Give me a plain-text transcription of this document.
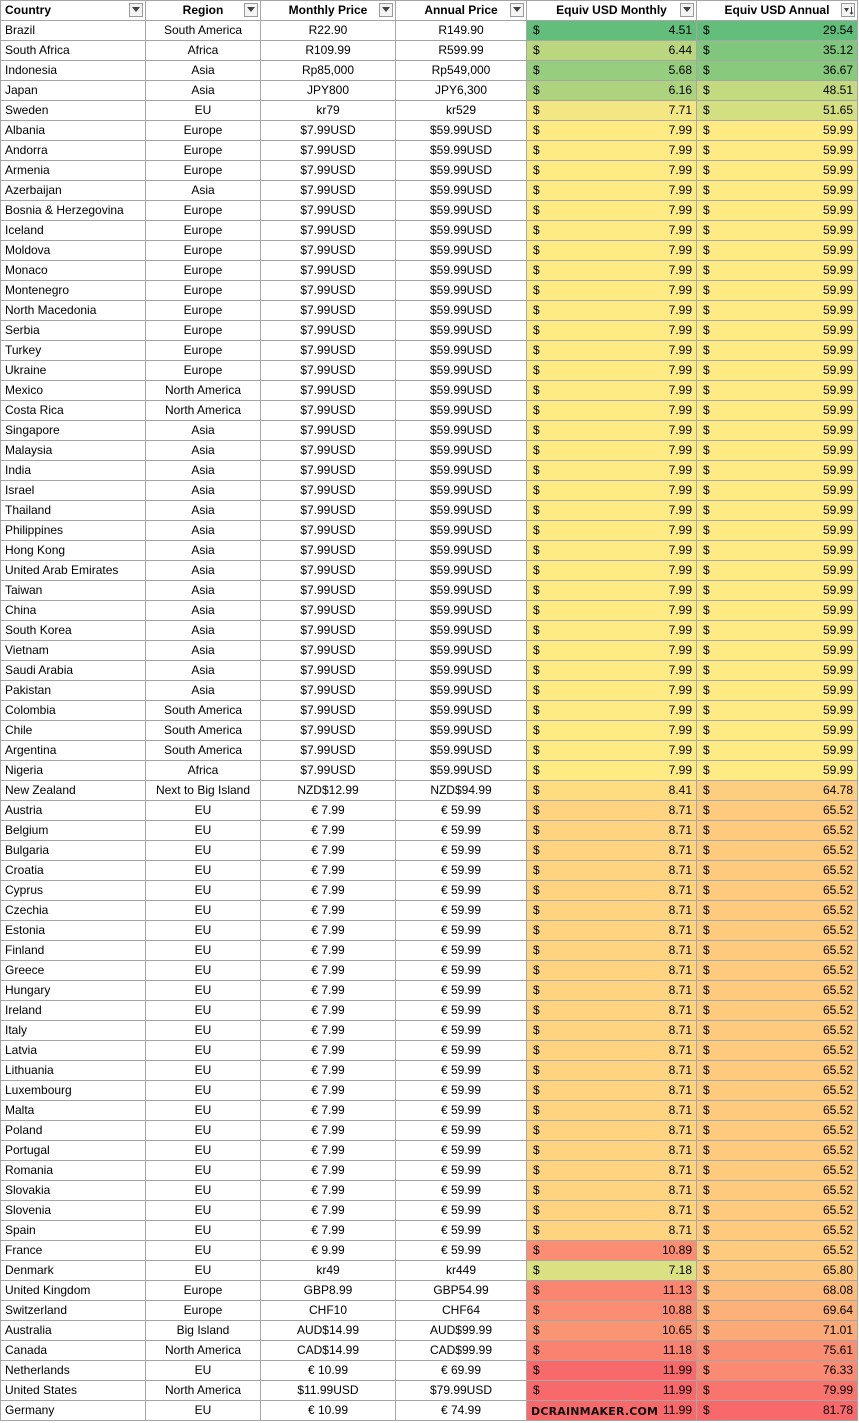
Country	Region	Monthly Price	Annual Price	Equiv USD Monthly	Equiv USD Annual

Brazil	South America	R22.90	R149.90	$ 4.51	$ 29.54
South Africa	Africa	R109.99	R599.99	$ 6.44	$ 35.12
Indonesia	Asia	Rp85,000	Rp549,000	$ 5.68	$ 36.67
Japan	Asia	JPY800	JPY6,300	$ 6.16	$ 48.51
Sweden	EU	kr79	kr529	$ 7.71	$ 51.65
Albania	Europe	$7.99USD	$59.99USD	$ 7.99	$ 59.99
Andorra	Europe	$7.99USD	$59.99USD	$ 7.99	$ 59.99
Armenia	Europe	$7.99USD	$59.99USD	$ 7.99	$ 59.99
Azerbaijan	Asia	$7.99USD	$59.99USD	$ 7.99	$ 59.99
Bosnia & Herzegovina	Europe	$7.99USD	$59.99USD	$ 7.99	$ 59.99
Iceland	Europe	$7.99USD	$59.99USD	$ 7.99	$ 59.99
Moldova	Europe	$7.99USD	$59.99USD	$ 7.99	$ 59.99
Monaco	Europe	$7.99USD	$59.99USD	$ 7.99	$ 59.99
Montenegro	Europe	$7.99USD	$59.99USD	$ 7.99	$ 59.99
North Macedonia	Europe	$7.99USD	$59.99USD	$ 7.99	$ 59.99
Serbia	Europe	$7.99USD	$59.99USD	$ 7.99	$ 59.99
Turkey	Europe	$7.99USD	$59.99USD	$ 7.99	$ 59.99
Ukraine	Europe	$7.99USD	$59.99USD	$ 7.99	$ 59.99
Mexico	North America	$7.99USD	$59.99USD	$ 7.99	$ 59.99
Costa Rica	North America	$7.99USD	$59.99USD	$ 7.99	$ 59.99
Singapore	Asia	$7.99USD	$59.99USD	$ 7.99	$ 59.99
Malaysia	Asia	$7.99USD	$59.99USD	$ 7.99	$ 59.99
India	Asia	$7.99USD	$59.99USD	$ 7.99	$ 59.99
Israel	Asia	$7.99USD	$59.99USD	$ 7.99	$ 59.99
Thailand	Asia	$7.99USD	$59.99USD	$ 7.99	$ 59.99
Philippines	Asia	$7.99USD	$59.99USD	$ 7.99	$ 59.99
Hong Kong	Asia	$7.99USD	$59.99USD	$ 7.99	$ 59.99
United Arab Emirates	Asia	$7.99USD	$59.99USD	$ 7.99	$ 59.99
Taiwan	Asia	$7.99USD	$59.99USD	$ 7.99	$ 59.99
China	Asia	$7.99USD	$59.99USD	$ 7.99	$ 59.99
South Korea	Asia	$7.99USD	$59.99USD	$ 7.99	$ 59.99
Vietnam	Asia	$7.99USD	$59.99USD	$ 7.99	$ 59.99
Saudi Arabia	Asia	$7.99USD	$59.99USD	$ 7.99	$ 59.99
Pakistan	Asia	$7.99USD	$59.99USD	$ 7.99	$ 59.99
Colombia	South America	$7.99USD	$59.99USD	$ 7.99	$ 59.99
Chile	South America	$7.99USD	$59.99USD	$ 7.99	$ 59.99
Argentina	South America	$7.99USD	$59.99USD	$ 7.99	$ 59.99
Nigeria	Africa	$7.99USD	$59.99USD	$ 7.99	$ 59.99
New Zealand	Next to Big Island	NZD$12.99	NZD$94.99	$ 8.41	$ 64.78
Austria	EU	€ 7.99	€ 59.99	$ 8.71	$ 65.52
Belgium	EU	€ 7.99	€ 59.99	$ 8.71	$ 65.52
Bulgaria	EU	€ 7.99	€ 59.99	$ 8.71	$ 65.52
Croatia	EU	€ 7.99	€ 59.99	$ 8.71	$ 65.52
Cyprus	EU	€ 7.99	€ 59.99	$ 8.71	$ 65.52
Czechia	EU	€ 7.99	€ 59.99	$ 8.71	$ 65.52
Estonia	EU	€ 7.99	€ 59.99	$ 8.71	$ 65.52
Finland	EU	€ 7.99	€ 59.99	$ 8.71	$ 65.52
Greece	EU	€ 7.99	€ 59.99	$ 8.71	$ 65.52
Hungary	EU	€ 7.99	€ 59.99	$ 8.71	$ 65.52
Ireland	EU	€ 7.99	€ 59.99	$ 8.71	$ 65.52
Italy	EU	€ 7.99	€ 59.99	$ 8.71	$ 65.52
Latvia	EU	€ 7.99	€ 59.99	$ 8.71	$ 65.52
Lithuania	EU	€ 7.99	€ 59.99	$ 8.71	$ 65.52
Luxembourg	EU	€ 7.99	€ 59.99	$ 8.71	$ 65.52
Malta	EU	€ 7.99	€ 59.99	$ 8.71	$ 65.52
Poland	EU	€ 7.99	€ 59.99	$ 8.71	$ 65.52
Portugal	EU	€ 7.99	€ 59.99	$ 8.71	$ 65.52
Romania	EU	€ 7.99	€ 59.99	$ 8.71	$ 65.52
Slovakia	EU	€ 7.99	€ 59.99	$ 8.71	$ 65.52
Slovenia	EU	€ 7.99	€ 59.99	$ 8.71	$ 65.52
Spain	EU	€ 7.99	€ 59.99	$ 8.71	$ 65.52
France	EU	€ 9.99	€ 59.99	$ 10.89	$ 65.52
Denmark	EU	kr49	kr449	$ 7.18	$ 65.80
United Kingdom	Europe	GBP8.99	GBP54.99	$ 11.13	$ 68.08
Switzerland	Europe	CHF10	CHF64	$ 10.88	$ 69.64
Australia	Big Island	AUD$14.99	AUD$99.99	$ 10.65	$ 71.01
Canada	North America	CAD$14.99	CAD$99.99	$ 11.18	$ 75.61
Netherlands	EU	€ 10.99	€ 69.99	$ 11.99	$ 76.33
United States	North America	$11.99USD	$79.99USD	$ 11.99	$ 79.99
Germany	EU	€ 10.99	€ 74.99	DCRAINMAKER.COM 11.99	$ 81.78
